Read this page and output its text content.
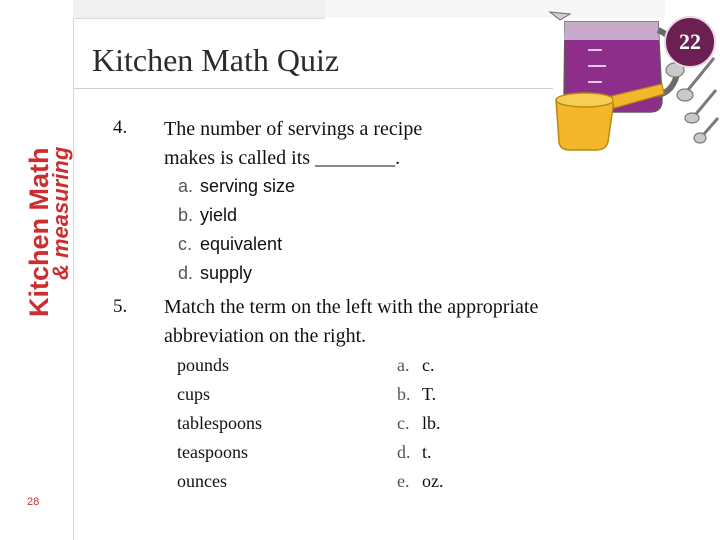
Kitchen Math
& measuring
Kitchen Math Quiz
22
4. The number of servings a recipe
makes is called its ________.
a. serving size
b. yield
c. equivalent
d. supply
5. Match the term on the left with the appropriate
abbreviation on the right.
pounds
cups
tablespoons
teaspoons
ounces
a. c.
b. T.
c. lb.
d. t.
e. oz.
28
